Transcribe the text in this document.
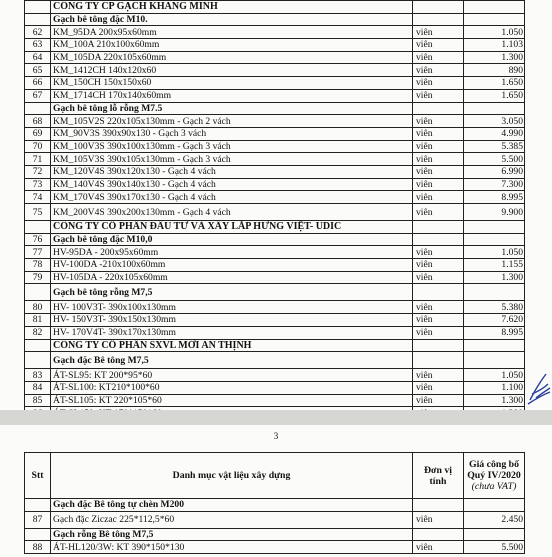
	CÔNG TY CP GẠCH KHANG MINH		
	Gạch bê tông đặc M10.		
62	KM_95DA 200x95x60mm	viên	1.050
63	KM_100A 210x100x60mm	viên	1.103
64	KM_105DA 220x105x60mm	viên	1.300
65	KM_1412CH 140x120x60	viên	890
66	KM_150CH 150x150x60	viên	1.650
67	KM_1714CH 170x140x60mm	viên	1.650
	Gạch bê tông lỗ rỗng M7.5		
68	KM_105V2S 220x105x130mm - Gạch 2 vách	viên	3.050
69	KM_90V3S 390x90x130 - Gạch 3 vách	viên	4.990
70	KM_100V3S 390x100x130mm - Gạch 3 vách	viên	5.385
71	KM_105V3S 390x105x130mm - Gạch 3 vách	viên	5.500
72	KM_120V4S 390x120x130 - Gạch 4 vách	viên	6.990
73	KM_140V4S 390x140x130 - Gạch 4 vách	viên	7.300
74	KM_170V4S 390x170x130 - Gạch 4 vách	viên	8.995
75	KM_200V4S 390x200x130mm - Gạch 4 vách	viên	9.900
	CÔNG TY CỔ PHẦN ĐẦU TƯ VÀ XÂY LẮP HƯNG VIỆT- UDIC		
76	Gạch bê tông đặc M10,0		
77	HV-95DA - 200x95x60mm	viên	1.050
78	HV-100DA -210x100x60mm	viên	1.155
79	HV-105DA - 220x105x60mm	viên	1.300
	Gạch bê tông rỗng M7,5		
80	HV- 100V3T- 390x100x130mm	viên	5.380
81	HV- 150V3T- 390x150x130mm	viên	7.620
82	HV- 170V4T- 390x170x130mm	viên	8.995
	CÔNG TY CỔ PHẦN SXVL MỚI AN THỊNH		
	Gạch đặc Bê tông M7,5		
83	ÁT-SL95: KT 200*95*60	viên	1.050
84	ÁT-SL100: KT210*100*60	viên	1.100
85	ÁT-SL105: KT 220*105*60	viên	1.300

Stt	Danh mục vật liệu xây dựng	Đơn vị tính	Giá công bố Quý IV/2020
(chưa VAT)
	Gạch đặc Bê tông tự chèn M200		
87	Gạch đặc Ziczac 225*112,5*60	viên	2.450
	Gạch rỗng Bê tông M7,5		
88	ÁT-HL120/3W: KT 390*150*130	viên	5.500
3
